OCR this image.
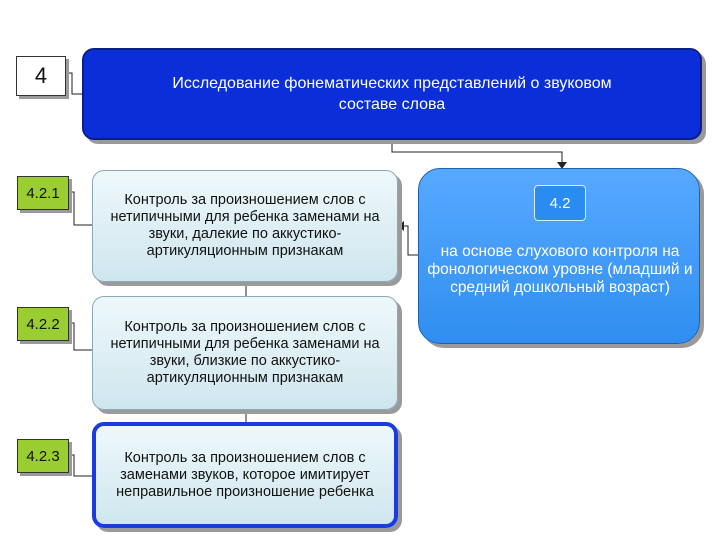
4	Исследование фонематических представлений о звуковом составе слова
4.2.1	Контроль за произношением слов с нетипичными для ребенка заменами на звуки, далекие по аккустико-артикуляционным признакам
4.2.2	Контроль за произношением слов с нетипичными для ребенка заменами на звуки, близкие по аккустико-артикуляционным признакам
4.2.3	Контроль за произношением слов с заменами звуков, которое имитирует неправильное произношение ребенка
4.2
на основе слухового контроля на фонологическом уровне (младший и средний дошкольный возраст)
